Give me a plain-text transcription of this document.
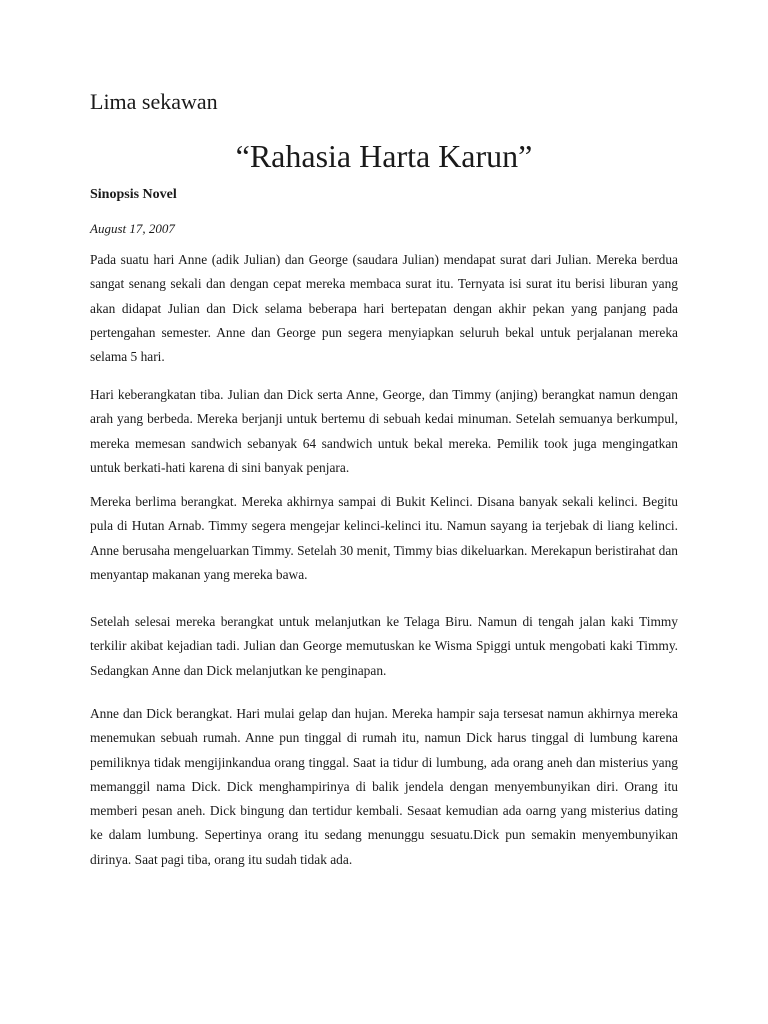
Lima sekawan
“Rahasia Harta Karun”
Sinopsis Novel
August 17, 2007

Pada suatu hari Anne (adik Julian) dan George (saudara Julian) mendapat surat dari Julian. Mereka berdua sangat senang sekali dan dengan cepat mereka membaca surat itu. Ternyata isi surat itu berisi liburan yang akan didapat Julian dan Dick selama beberapa hari bertepatan dengan akhir pekan yang panjang pada pertengahan semester. Anne dan George pun segera menyiapkan seluruh bekal untuk perjalanan mereka selama 5 hari.

Hari keberangkatan tiba. Julian dan Dick serta Anne, George, dan Timmy (anjing) berangkat namun dengan arah yang berbeda. Mereka berjanji untuk bertemu di sebuah kedai minuman. Setelah semuanya berkumpul, mereka memesan sandwich sebanyak 64 sandwich untuk bekal mereka. Pemilik took juga mengingatkan untuk berkati-hati karena di sini banyak penjara.

Mereka berlima berangkat. Mereka akhirnya sampai di Bukit Kelinci. Disana banyak sekali kelinci. Begitu pula di Hutan Arnab. Timmy segera mengejar kelinci-kelinci itu. Namun sayang ia terjebak di liang kelinci. Anne berusaha mengeluarkan Timmy. Setelah 30 menit, Timmy bias dikeluarkan. Merekapun beristirahat dan menyantap makanan yang mereka bawa.

Setelah selesai mereka berangkat untuk melanjutkan ke Telaga Biru. Namun di tengah jalan kaki Timmy terkilir akibat kejadian tadi. Julian dan George memutuskan ke Wisma Spiggi untuk mengobati kaki Timmy. Sedangkan Anne dan Dick melanjutkan ke penginapan.

Anne dan Dick berangkat. Hari mulai gelap dan hujan. Mereka hampir saja tersesat namun akhirnya mereka menemukan sebuah rumah. Anne pun tinggal di rumah itu, namun Dick harus tinggal di lumbung karena pemiliknya tidak mengijinkandua orang tinggal. Saat ia tidur di lumbung, ada orang aneh dan misterius yang memanggil nama Dick. Dick menghampirinya di balik jendela dengan menyembunyikan diri. Orang itu memberi pesan aneh. Dick bingung dan tertidur kembali. Sesaat kemudian ada oarng yang misterius dating ke dalam lumbung. Sepertinya orang itu sedang menunggu sesuatu.Dick pun semakin menyembunyikan dirinya. Saat pagi tiba, orang itu sudah tidak ada.
